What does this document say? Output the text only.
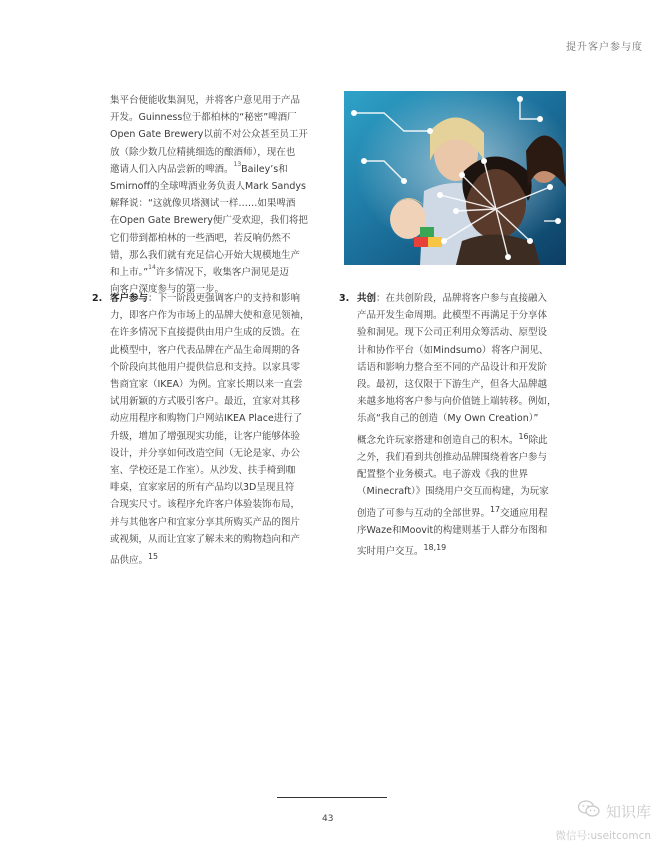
提升客户参与度
集平台便能收集洞见，并将客户意见用于产品
开发。Guinness位于都柏林的“秘密”啤酒厂
Open Gate Brewery以前不对公众甚至员工开
放（除少数几位精挑细选的酿酒师），现在也
邀请人们入内品尝新的啤酒。$^{13}$Bailey’s和
Smirnoff的全球啤酒业务负责人Mark Sandys
解释说：“这就像贝塔测试一样……如果啤酒
在Open Gate Brewery便广受欢迎，我们将把
它们带到都柏林的一些酒吧，若反响仍然不
错，那么我们就有充足信心开始大规模地生产
和上市。”$^{14}$许多情况下，收集客户洞见是迈
向客户深度参与的第一步。
2. 客户参与：下一阶段更强调客户的支持和影响
力，即客户作为市场上的品牌大使和意见领袖，
在许多情况下直接提供由用户生成的反馈。在
此模型中，客户代表品牌在产品生命周期的各
个阶段向其他用户提供信息和支持。以家具零
售商宜家（IKEA）为例。宜家长期以来一直尝
试用新颖的方式吸引客户。最近，宜家对其移
动应用程序和购物门户网站IKEA Place进行了
升级，增加了增强现实功能，让客户能够体验
设计，并分享如何改造空间（无论是家、办公
室、学校还是工作室）。从沙发、扶手椅到咖
啡桌，宜家家居的所有产品均以3D呈现且符
合现实尺寸。该程序允许客户体验装饰布局，
并与其他客户和宜家分享其所购买产品的图片
或视频，从而让宜家了解未来的购物趋向和产
品供应。$^{15}$
3. 共创：在共创阶段，品牌将客户参与直接融入
产品开发生命周期。此模型不再满足于分享体
验和洞见。现下公司正利用众筹活动、原型设
计和协作平台（如Mindsumo）将客户洞见、
话语和影响力整合至不同的产品设计和开发阶
段。最初，这仅限于下游生产，但各大品牌越
来越多地将客户参与向价值链上端转移。例如，
乐高“我自己的创造（My Own Creation）”
概念允许玩家搭建和创造自己的积木。$^{16}$除此
之外，我们看到共创推动品牌围绕着客户参与
配置整个业务模式。电子游戏《我的世界
（Minecraft）》围绕用户交互而构建，为玩家
创造了可参与互动的全部世界。$^{17}$交通应用程
序Waze和Moovit的构建则基于人群分布图和
实时用户交互。$^{18,19}$
43	知识库
微信号:useitcomcn
